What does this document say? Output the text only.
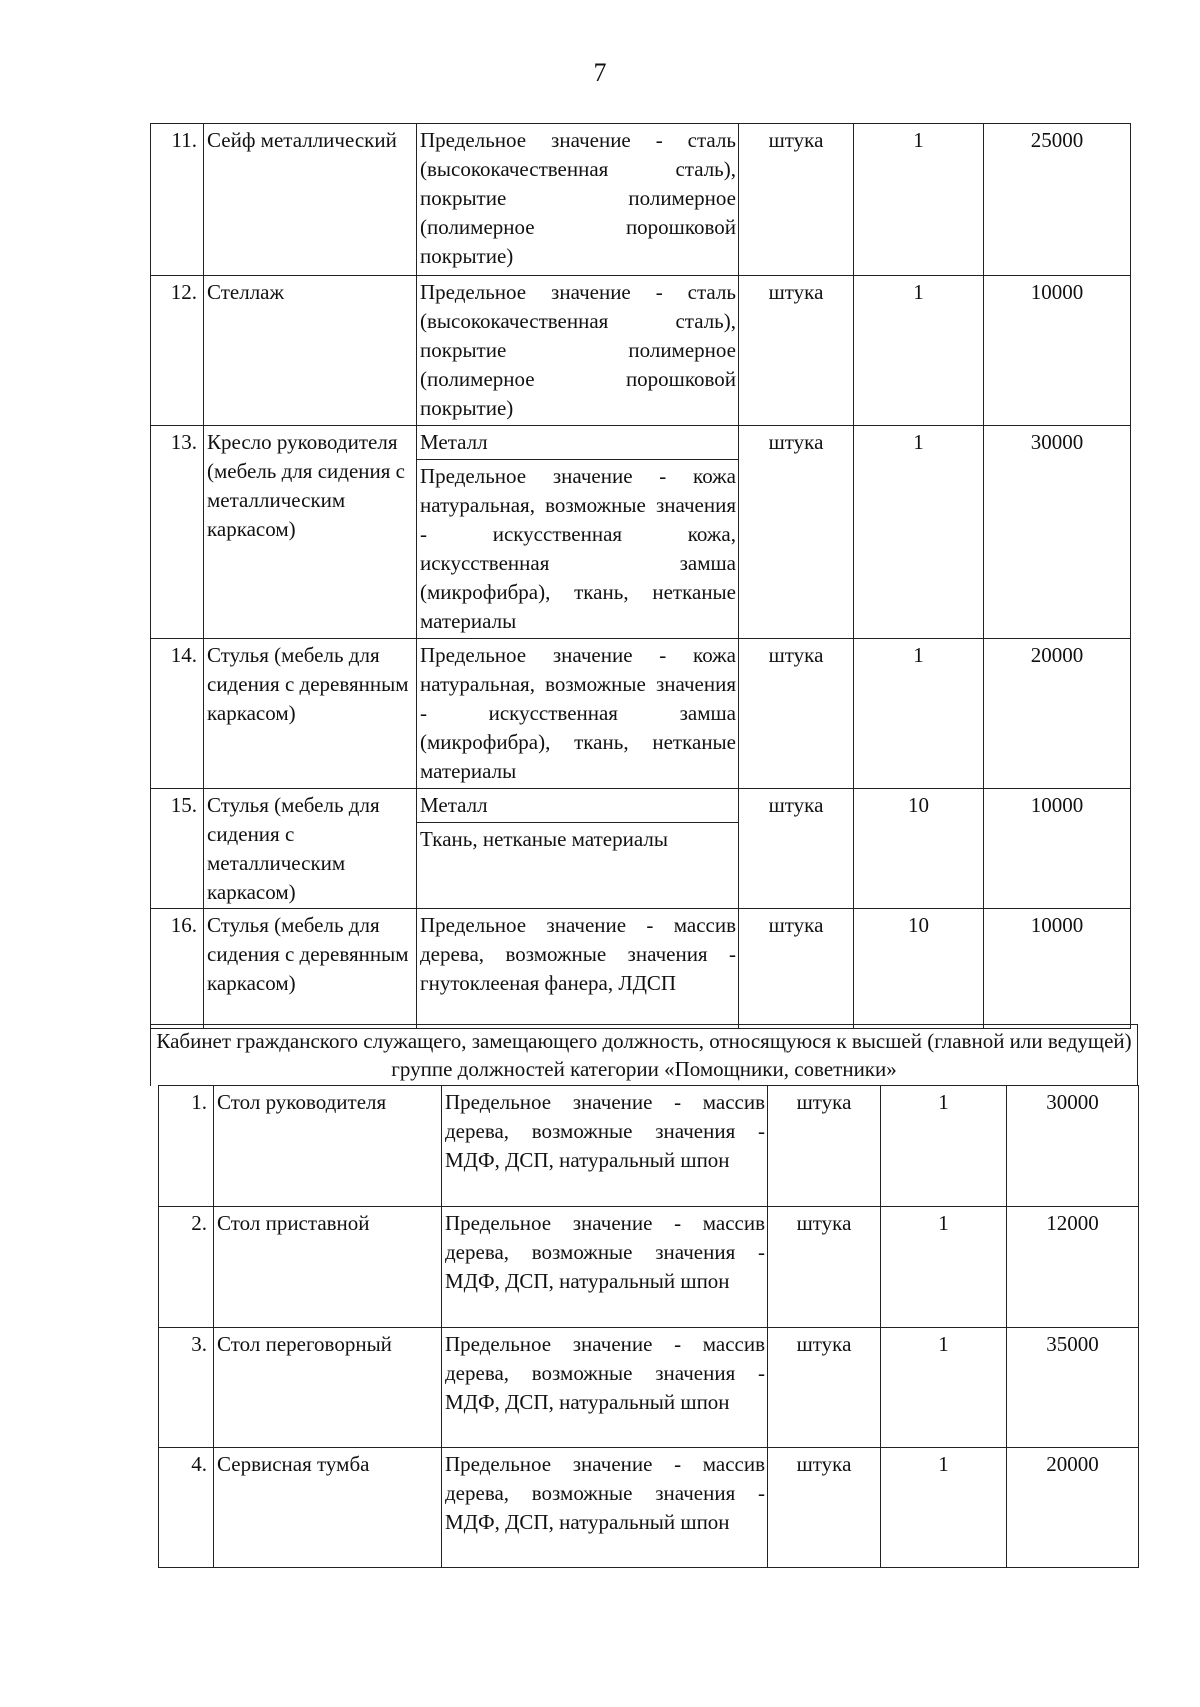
7
11.	Сейф металлический	Предельное значение - сталь (высококачественная сталь), покрытие полимерное (полимерное порошковой покрытие)	штука	1	25000
12.	Стеллаж	Предельное значение - сталь (высококачественная сталь), покрытие полимерное (полимерное порошковой покрытие)	штука	1	10000
13.	Кресло руководителя (мебель для сидения с металлическим каркасом)	Металл
Предельное значение - кожа натуральная, возможные значения - искусственная кожа, искусственная замша (микрофибра), ткань, нетканые материалы	штука	1	30000
14.	Стулья (мебель для сидения с деревянным каркасом)	Предельное значение - кожа натуральная, возможные значения - искусственная замша (микрофибра), ткань, нетканые материалы	штука	1	20000
15.	Стулья (мебель для сидения с металлическим каркасом)	Металл
Ткань, нетканые материалы	штука	10	10000
16.	Стулья (мебель для сидения с деревянным каркасом)	Предельное значение - массив дерева, возможные значения - гнутоклееная фанера, ЛДСП	штука	10	10000
Кабинет гражданского служащего, замещающего должность, относящуюся к высшей (главной или ведущей) группе должностей категории «Помощники, советники»
1.	Стол руководителя	Предельное значение - массив дерева, возможные значения - МДФ, ДСП, натуральный шпон	штука	1	30000
2.	Стол приставной	Предельное значение - массив дерева, возможные значения - МДФ, ДСП, натуральный шпон	штука	1	12000
3.	Стол переговорный	Предельное значение - массив дерева, возможные значения - МДФ, ДСП, натуральный шпон	штука	1	35000
4.	Сервисная тумба	Предельное значение - массив дерева, возможные значения - МДФ, ДСП, натуральный шпон	штука	1	20000
